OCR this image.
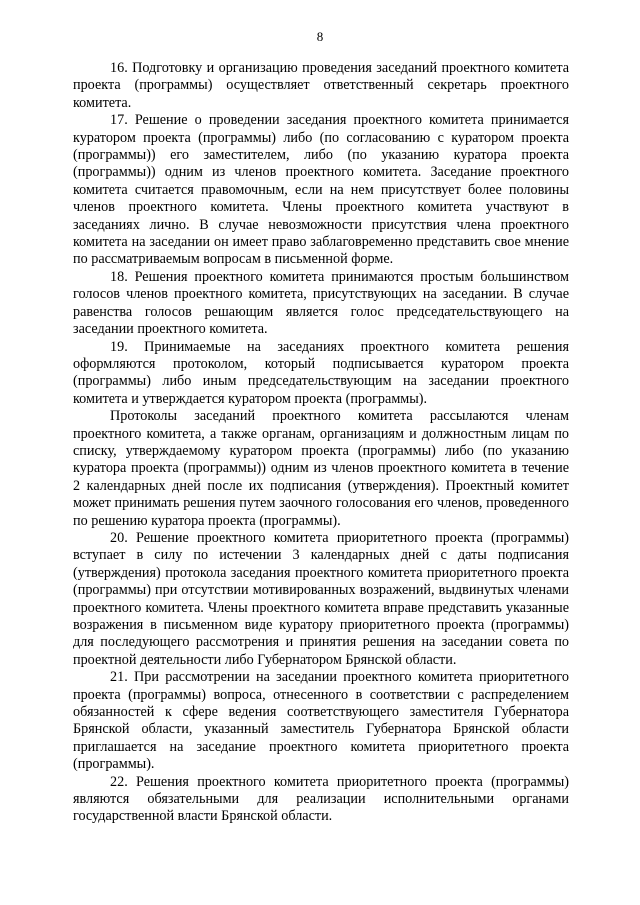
8

16. Подготовку и организацию проведения заседаний проектного комитета проекта (программы) осуществляет ответственный секретарь проектного комитета.

17. Решение о проведении заседания проектного комитета принимается куратором проекта (программы) либо (по согласованию с куратором проекта (программы)) его заместителем, либо (по указанию куратора проекта (программы)) одним из членов проектного комитета. Заседание проектного комитета считается правомочным, если на нем присутствует более половины членов проектного комитета. Члены проектного комитета участвуют в заседаниях лично. В случае невозможности присутствия члена проектного комитета на заседании он имеет право заблаговременно представить свое мнение по рассматриваемым вопросам в письменной форме.

18. Решения проектного комитета принимаются простым большинством голосов членов проектного комитета, присутствующих на заседании. В случае равенства голосов решающим является голос председательствующего на заседании проектного комитета.

19. Принимаемые на заседаниях проектного комитета решения оформляются протоколом, который подписывается куратором проекта (программы) либо иным председательствующим на заседании проектного комитета и утверждается куратором проекта (программы).

Протоколы заседаний проектного комитета рассылаются членам проектного комитета, а также органам, организациям и должностным лицам по списку, утверждаемому куратором проекта (программы) либо (по указанию куратора проекта (программы)) одним из членов проектного комитета в течение 2 календарных дней после их подписания (утверждения). Проектный комитет может принимать решения путем заочного голосования его членов, проведенного по решению куратора проекта (программы).

20. Решение проектного комитета приоритетного проекта (программы) вступает в силу по истечении 3 календарных дней с даты подписания (утверждения) протокола заседания проектного комитета приоритетного проекта (программы) при отсутствии мотивированных возражений, выдвинутых членами проектного комитета. Члены проектного комитета вправе представить указанные возражения в письменном виде куратору приоритетного проекта (программы) для последующего рассмотрения и принятия решения на заседании совета по проектной деятельности либо Губернатором Брянской области.

21. При рассмотрении на заседании проектного комитета приоритетного проекта (программы) вопроса, отнесенного в соответствии с распределением обязанностей к сфере ведения соответствующего заместителя Губернатора Брянской области, указанный заместитель Губернатора Брянской области приглашается на заседание проектного комитета приоритетного проекта (программы).

22. Решения проектного комитета приоритетного проекта (программы) являются обязательными для реализации исполнительными органами государственной власти Брянской области.
